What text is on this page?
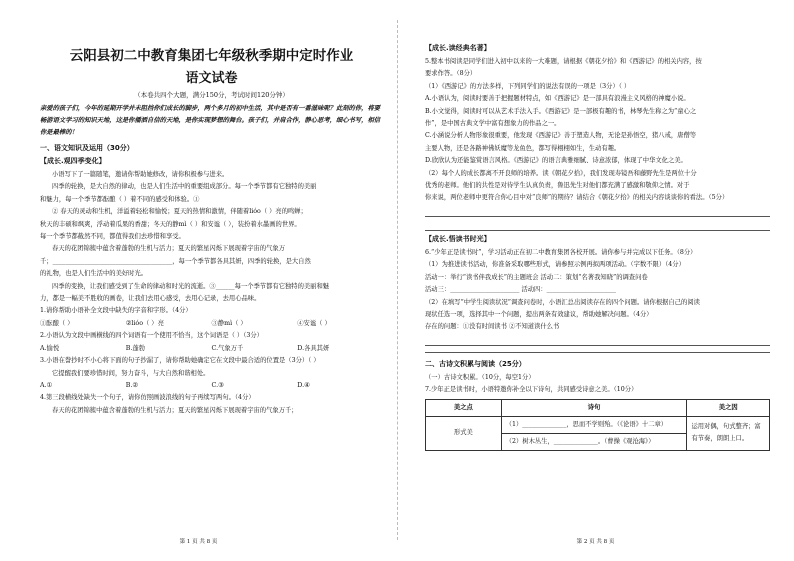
云阳县初二中教育集团七年级秋季期中定时作业
语文试卷
（本卷共四个大题，满分150分，考试时间120分钟）
亲爱的孩子们，今年的延期开学并未阻挡你们成长的脚步，两个多月的初中生活，其中是否有一番滋味呢？此刻的你，将要畅游语文学习的知识天地，这是你播洒自信的天地，是你实现梦想的舞台。孩子们，并肩合作，静心思考，细心书写，相信你是最棒的！
一、语文知识及运用（30分）
【成长.观四季变化】

小语写下了一篇随笔，邀请你帮助她修改，请你积极参与进来。

四季的轮换，是大自然的律动，也是人们生活中的重要组成部分。每一个季节都有它独特的美丽

和魅力，每一个季节都酝酿（ ）着不同的感受和体验。①

② 春天的灵动和生机，洋溢着轻松和愉悦；夏天的热情和激情，伴随着lióo（ ）亮的鸣蝉；

秋天的丰硕和飒爽，浮动着瓜果的香甜；冬天的静mì（ ）和安谧（ ），装扮着水墨画的世界。

每一个季节都截然不同，都值得我们去珍惜和享受。

春天的花团锦簇中蕴含着蓬勃的生机与活力；夏天的繁星闪烁下展现着宇宙的气象万

千；______________________________________，每一个季节都各具其妍，四季的轮换，是大自然

的礼物，也是人们生活中的美好时光。

四季的变换，让我们感受到了生命的律动和时光的流逝。③______每一个季节都有它独特的美丽和魅

力，都是一幅美不胜收的画卷，让我们去用心感受，去用心记录，去用心品味。

1.请你帮助小语补全文段中缺失的字音和字形。（4分）

①酝酿（ ）	②lióo（ ）亮	③静mì（ ）	④安谧（ ）

2.小语认为文段中画横线的四个词语有一个使用不恰当，这个词语是（ ）（3分）

A.愉悦	B.蓬勃	C.气象万千	D.各具其妍

3.小语在誊抄时不小心将下面的句子抄漏了，请你帮助她确定它在文段中最合适的位置是（3分）（ ）

它提醒我们要珍惜时间，努力奋斗，与大自然和谐相处。

A.①	B.②	C.③	D.④

4.第三段横线处缺失一个句子，请你仿照画波浪线的句子再续写两句。（4分）

春天的花团锦簇中蕴含着蓬勃的生机与活力；夏天的繁星闪烁下展现着宇宙的气象万千；

第 1 页 共 8 页
【成长.读经典名著】

5.整本书阅读是同学们进入初中以来的一大难题，请根据《朝花夕拾》和《西游记》的相关内容，按

要求作答。（8分）

（1）《西游记》的方法多样，下列同学们的说法有误的一项是（3分）（ ）

A.小语认为，阅读时要善于把握题材特点，如《西游记》是一部具有浪漫主义风格的神魔小说。

B.小文觉得，阅读时可以从艺术手法入手。《西游记》是一部极有趣的书，林琴先生称之为“童心之

作”，是中国古典文学中富有想象力的作品之一。

C.小涵说分析人物形象很重要，他发现《西游记》善于塑造人物，无论是孙悟空，猪八戒，唐僧等

主要人物，还是各路神佛妖魔等龙鱼色，都写得栩栩如生，生动有趣。

D.欣欣认为还能鉴赏语言风格。《西游记》的语言典雅细腻、诗意浓郁，体现了中华文化之美。

（2）每个人的成长都离不开良师的培养。读《朝花夕拾》，我们发现寿镜吾和藤野先生是两位十分

优秀的老师。他们的共性是对待学生认真负责，鲁迅先生对他们都充满了感激和敬仰之情。对于

你来说，两位老师中更符合你心目中对“良师”的期待？请结合《朝花夕拾》的相关内容谈谈你的看法。（5分）

【成长.悟读书时光】

6.“少年正是读书时”，学习活动正在初二中教育集团各校开展。请你参与并完成以下任务。（8分）

（1）为推进读书活动，你准备采取哪些形式，请参照示例再拟两项活动。（字数不限）（4分）

活动一：举行“读书伴我成长”的主题班会 活动二：策划“名著我知晓”的调查问卷

活动三：______________________ 活动四：______________________

（2）在填写“中学生阅读状况”调查问卷时，小语汇总出阅读存在的四个问题。请你根据自己的阅读

现状任选一项，选择其中一个问题，提出两条有效建议，帮助她解决问题。（4分）

存在的问题：①没有时间读书 ②不知道读什么书

二、古诗文积累与阅读（25分）

（一）古诗文积累。（10分，每空1分）

7.少年正是读书时，小语特邀你补全以下诗句，共同感受诗意之美。（10分）

美之点	诗句	美之因
形式美	（1）______________，思而不学则殆。（《论语》十二章）	运用对偶，句式整齐；富有节奏，朗朗上口。
	（2）树木丛生，______________。（曹操《观沧海》）	
第 2 页 共 8 页
